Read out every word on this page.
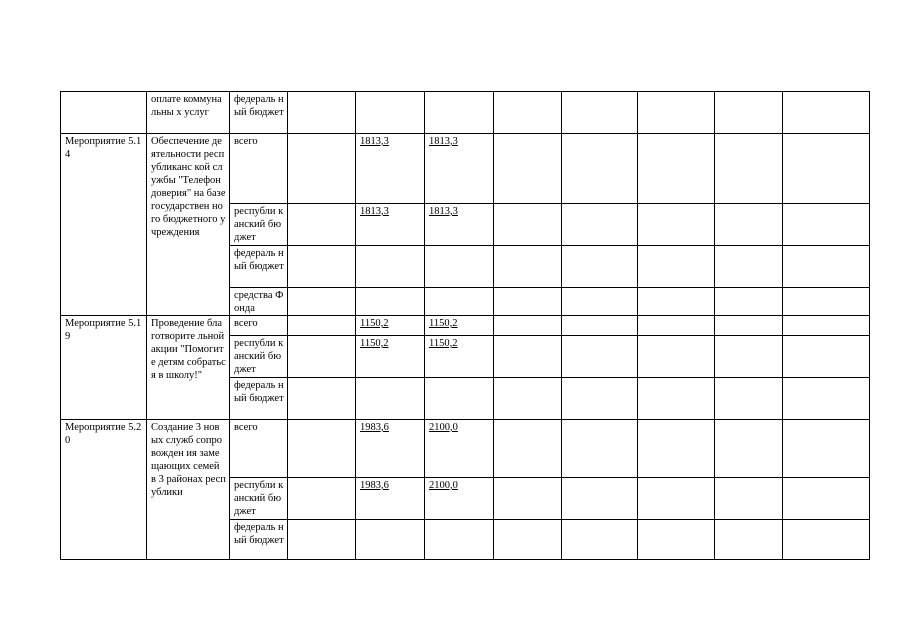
	оплате коммунальны х услуг	федераль ный бюджет								
Мероприятие 5.14	Обеспечение деятельности республиканс кой службы "Телефон доверия" на базе государствен ного бюджетного учреждения	всего		1813,3	1813,3					
		республи канский бюджет		1813,3	1813,3					
		федераль ный бюджет								
		средства Фонда								
Мероприятие 5.19	Проведение благотворите льной акции "Помогите детям собраться в школу!"	всего		1150,2	1150,2					
		республи канский бюджет		1150,2	1150,2					
		федераль ный бюджет								
Мероприятие 5.20	Создание 3 новых служб сопровожден ия замещающих семей в 3 районах республики	всего		1983,6	2100,0					
		республи канский бюджет		1983,6	2100,0					
		федераль ный бюджет								
